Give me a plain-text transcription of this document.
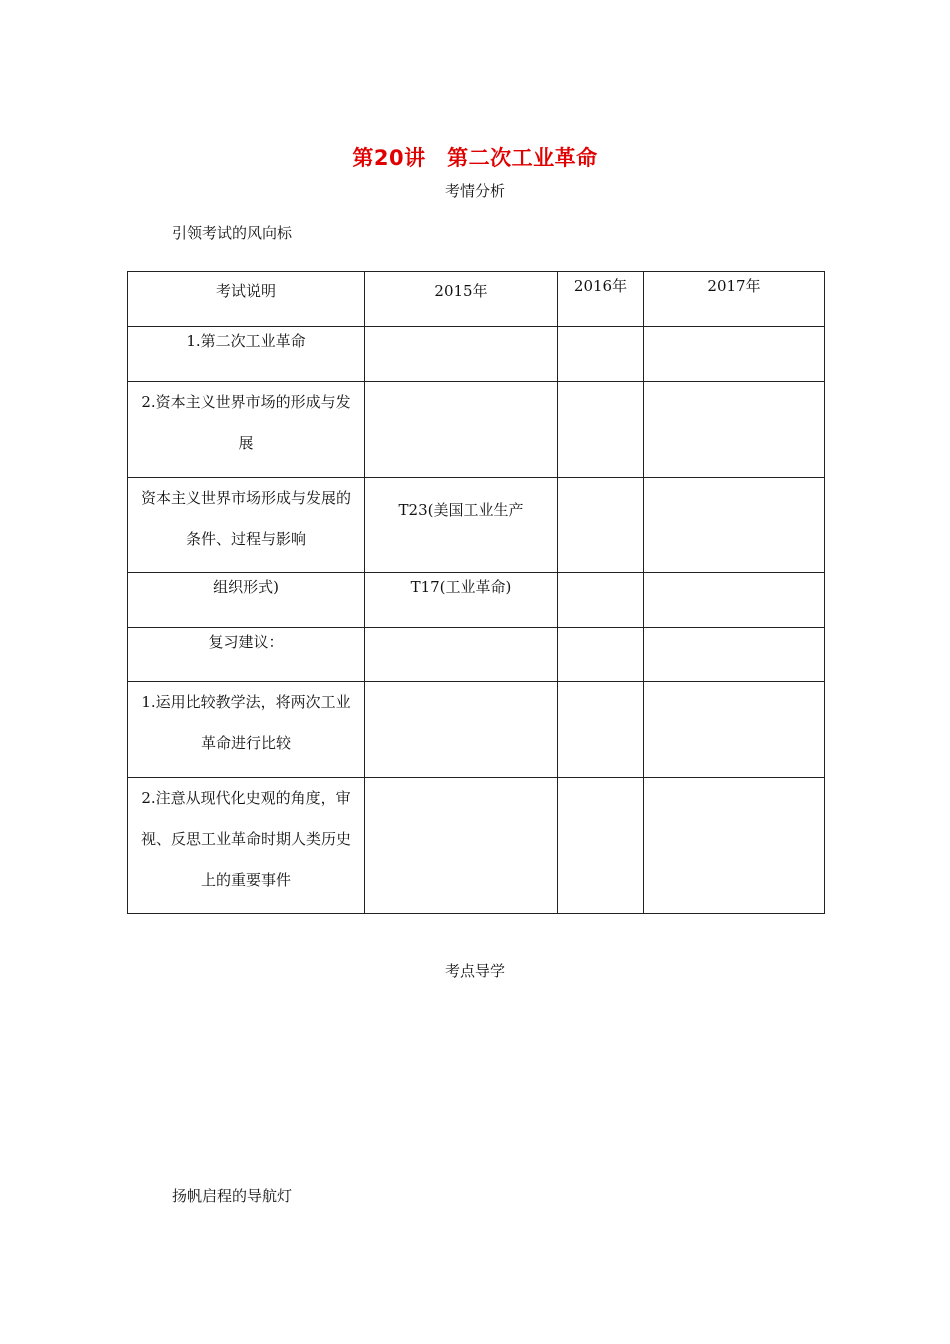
第20讲　第二次工业革命
考情分析
引领考试的风向标
考试说明	2015年	2016年	2017年

1.第二次工业革命			

2.资本主义世界市场的形成与发展			

资本主义世界市场形成与发展的条件、过程与影响	T23(美国工业生产		

组织形式)	T17(工业革命)		

复习建议：			

1.运用比较教学法，将两次工业革命进行比较			

2.注意从现代化史观的角度，审视、反思工业革命时期人类历史上的重要事件			

考点导学
扬帆启程的导航灯
